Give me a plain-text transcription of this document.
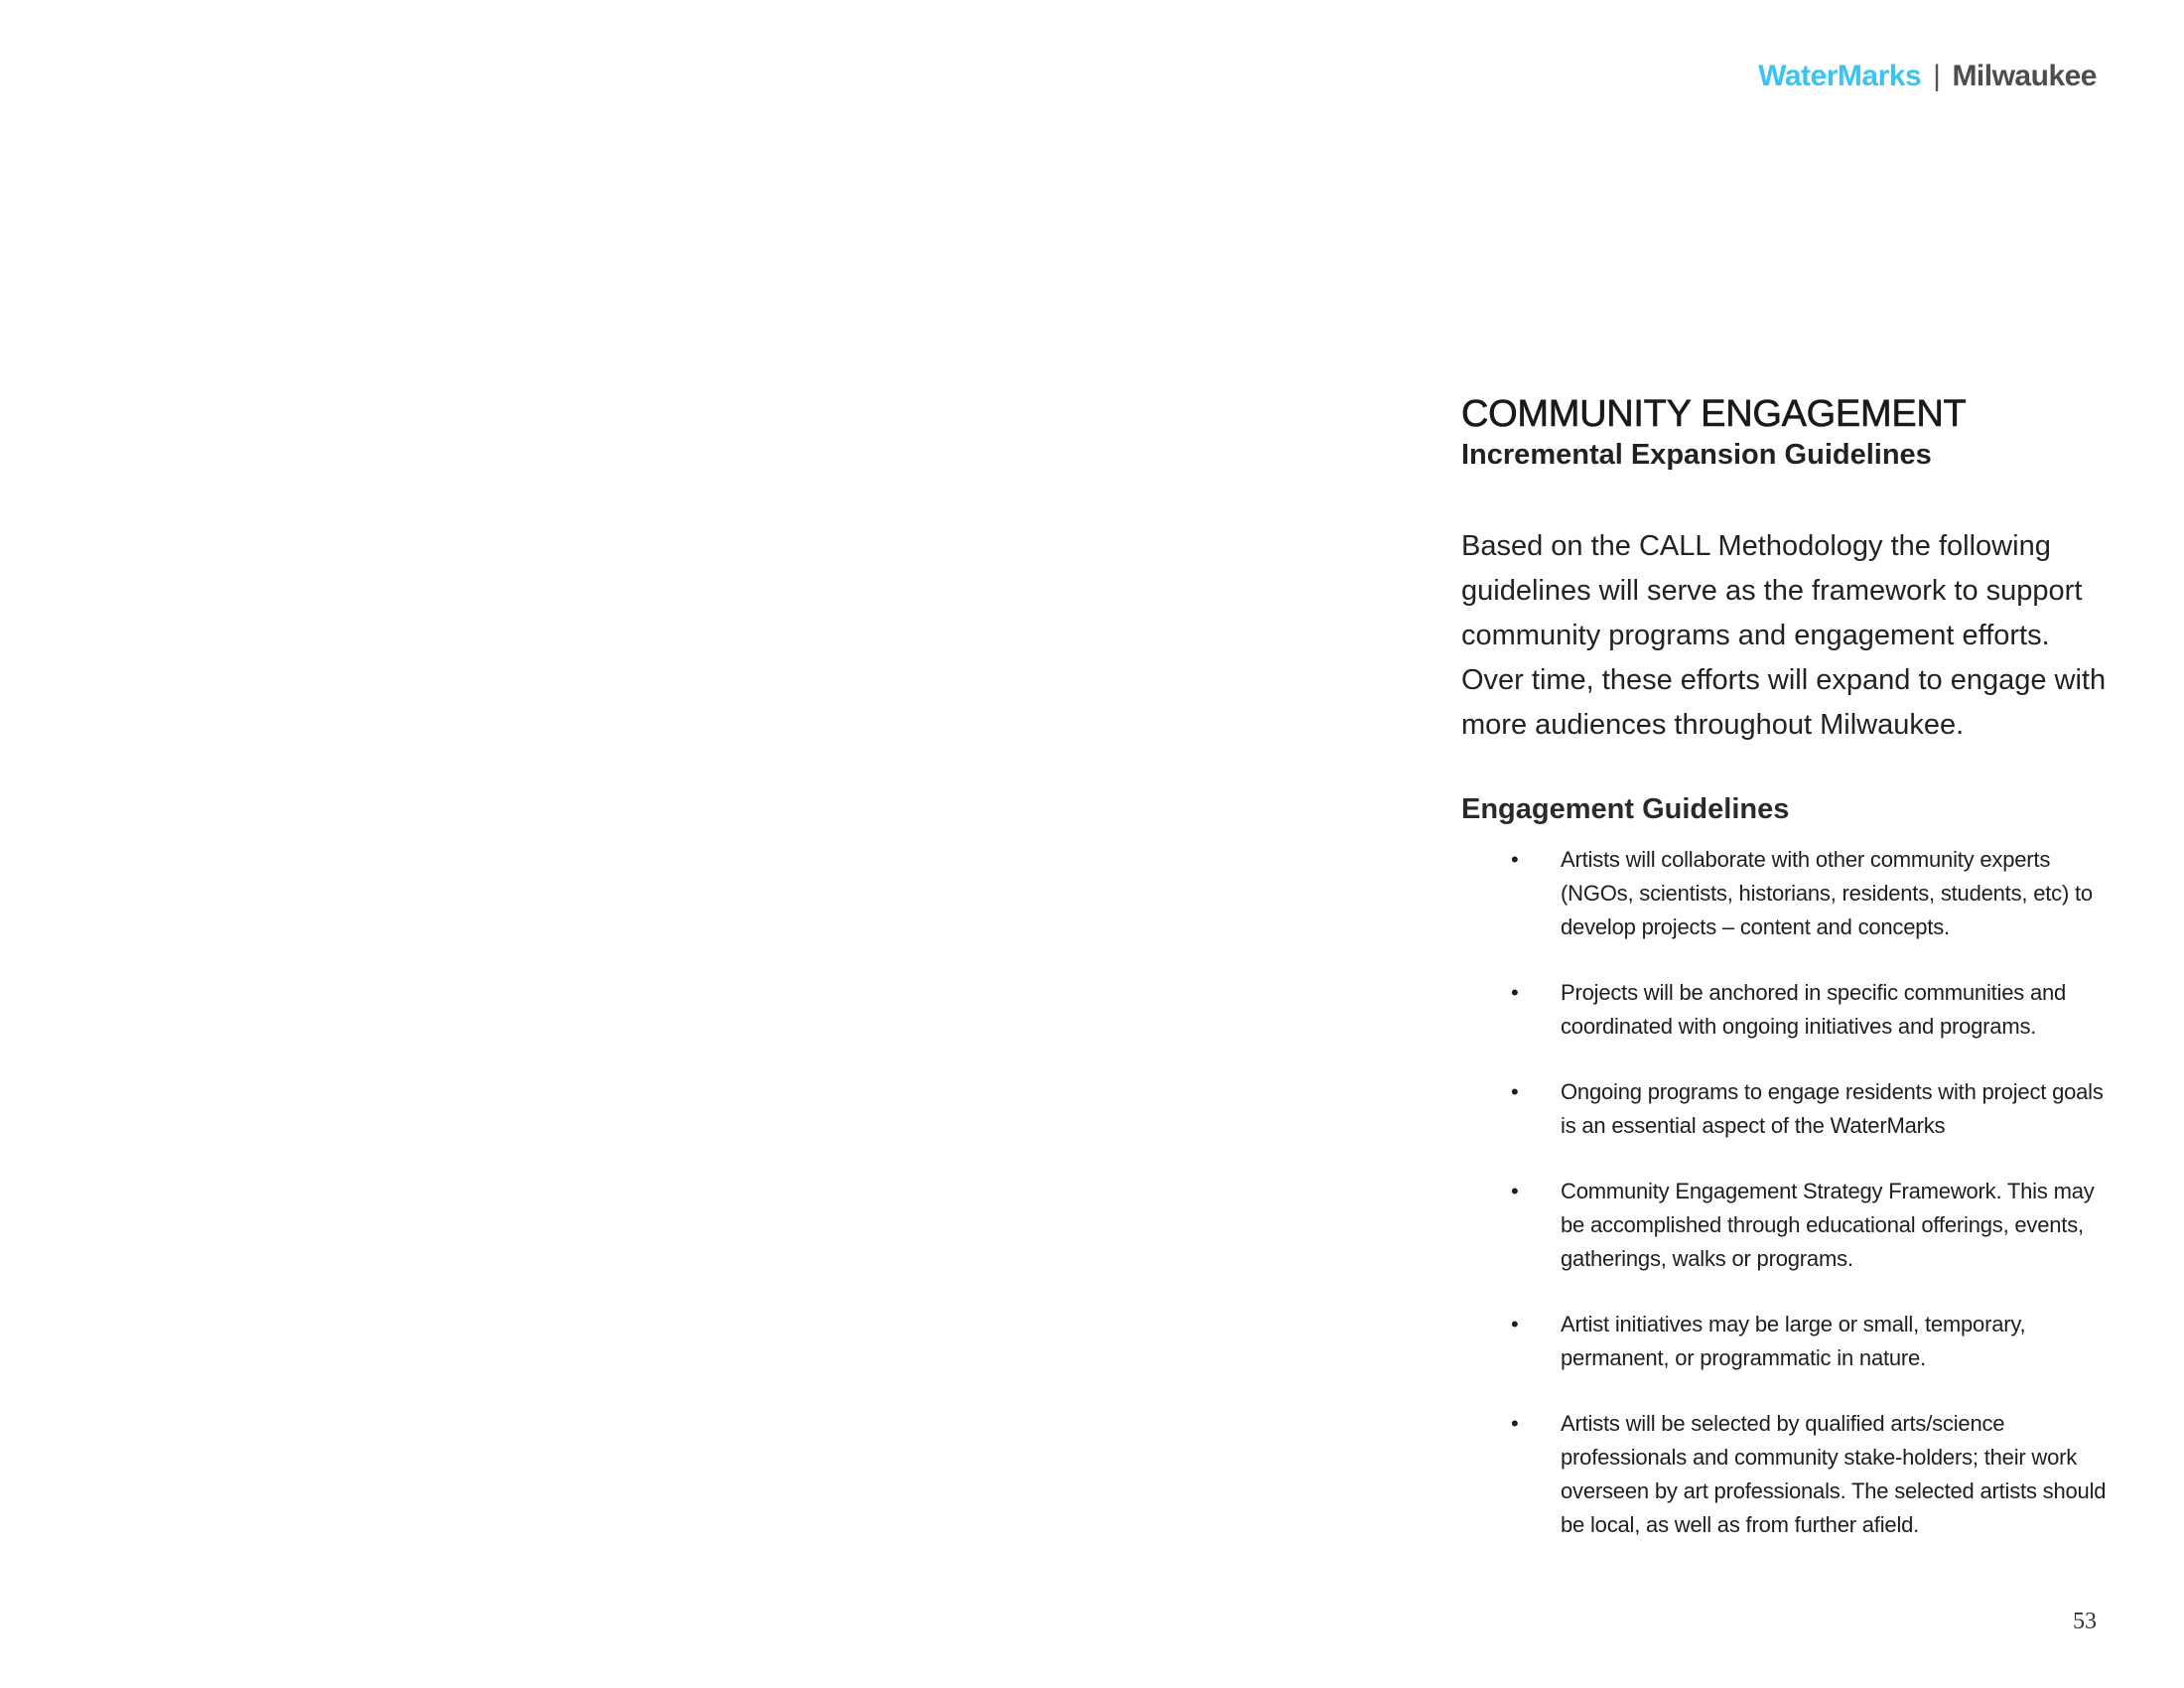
WaterMarks | Milwaukee
COMMUNITY ENGAGEMENT
Incremental Expansion Guidelines

Based on the CALL Methodology the following

guidelines will serve as the framework to support

community programs and engagement efforts.

Over time, these efforts will expand to engage with

more audiences throughout Milwaukee.

Engagement Guidelines
• Artists will collaborate with other community experts (NGOs, scientists, historians, residents, students, etc) to develop projects – content and concepts.
• Projects will be anchored in specific communities and coordinated with ongoing initiatives and programs.
• Ongoing programs to engage residents with project goals is an essential aspect of the WaterMarks
• Community Engagement Strategy Framework. This may be accomplished through educational offerings, events, gatherings, walks or programs.
• Artist initiatives may be large or small, temporary, permanent, or programmatic in nature.
• Artists will be selected by qualified arts/science professionals and community stake-holders; their work overseen by art professionals. The selected artists should be local, as well as from further afield.
53
